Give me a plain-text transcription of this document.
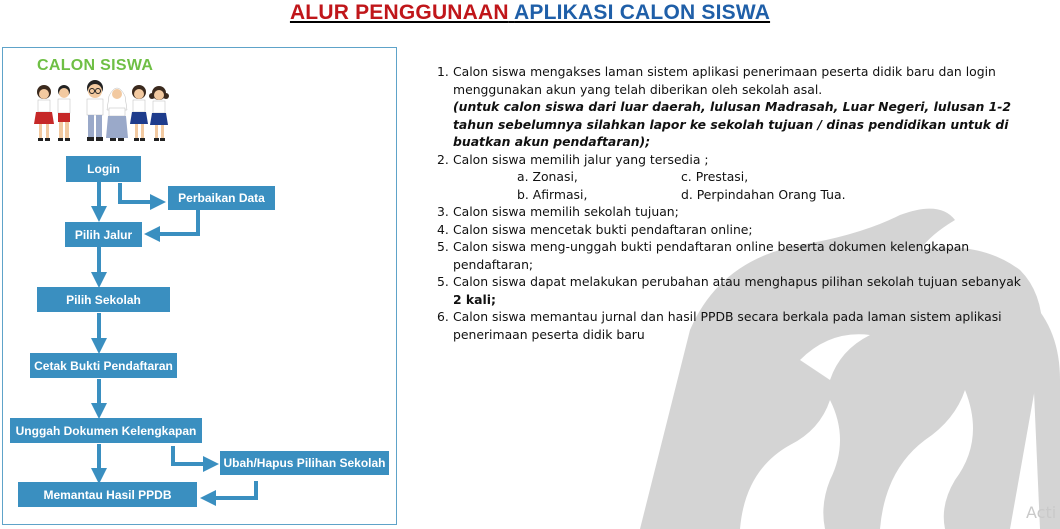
ALUR PENGGUNAAN APLIKASI CALON SISWA
CALON SISWA
Login
Perbaikan Data
Pilih Jalur
Pilih Sekolah
Cetak Bukti Pendaftaran
Unggah Dokumen Kelengkapan
Ubah/Hapus Pilihan Sekolah
Memantau Hasil PPDB
1. Calon siswa mengakses laman sistem aplikasi penerimaan peserta didik baru dan login menggunakan akun yang telah diberikan oleh sekolah asal.
(untuk calon siswa dari luar daerah, lulusan Madrasah, Luar Negeri, lulusan 1-2 tahun sebelumnya silahkan lapor ke sekolah tujuan / dinas pendidikan untuk di buatkan akun pendaftaran);
2. Calon siswa memilih jalur yang tersedia ;
a. Zonasi,	c. Prestasi,
b. Afirmasi,	d. Perpindahan Orang Tua.
3. Calon siswa memilih sekolah tujuan;
4. Calon siswa mencetak bukti pendaftaran online;
5. Calon siswa meng-unggah bukti pendaftaran online beserta dokumen kelengkapan pendaftaran;
5. Calon siswa dapat melakukan perubahan atau menghapus pilihan sekolah tujuan sebanyak
2 kali;
6. Calon siswa memantau jurnal dan hasil PPDB secara berkala pada laman sistem aplikasi penerimaan peserta didik baru
Acti
